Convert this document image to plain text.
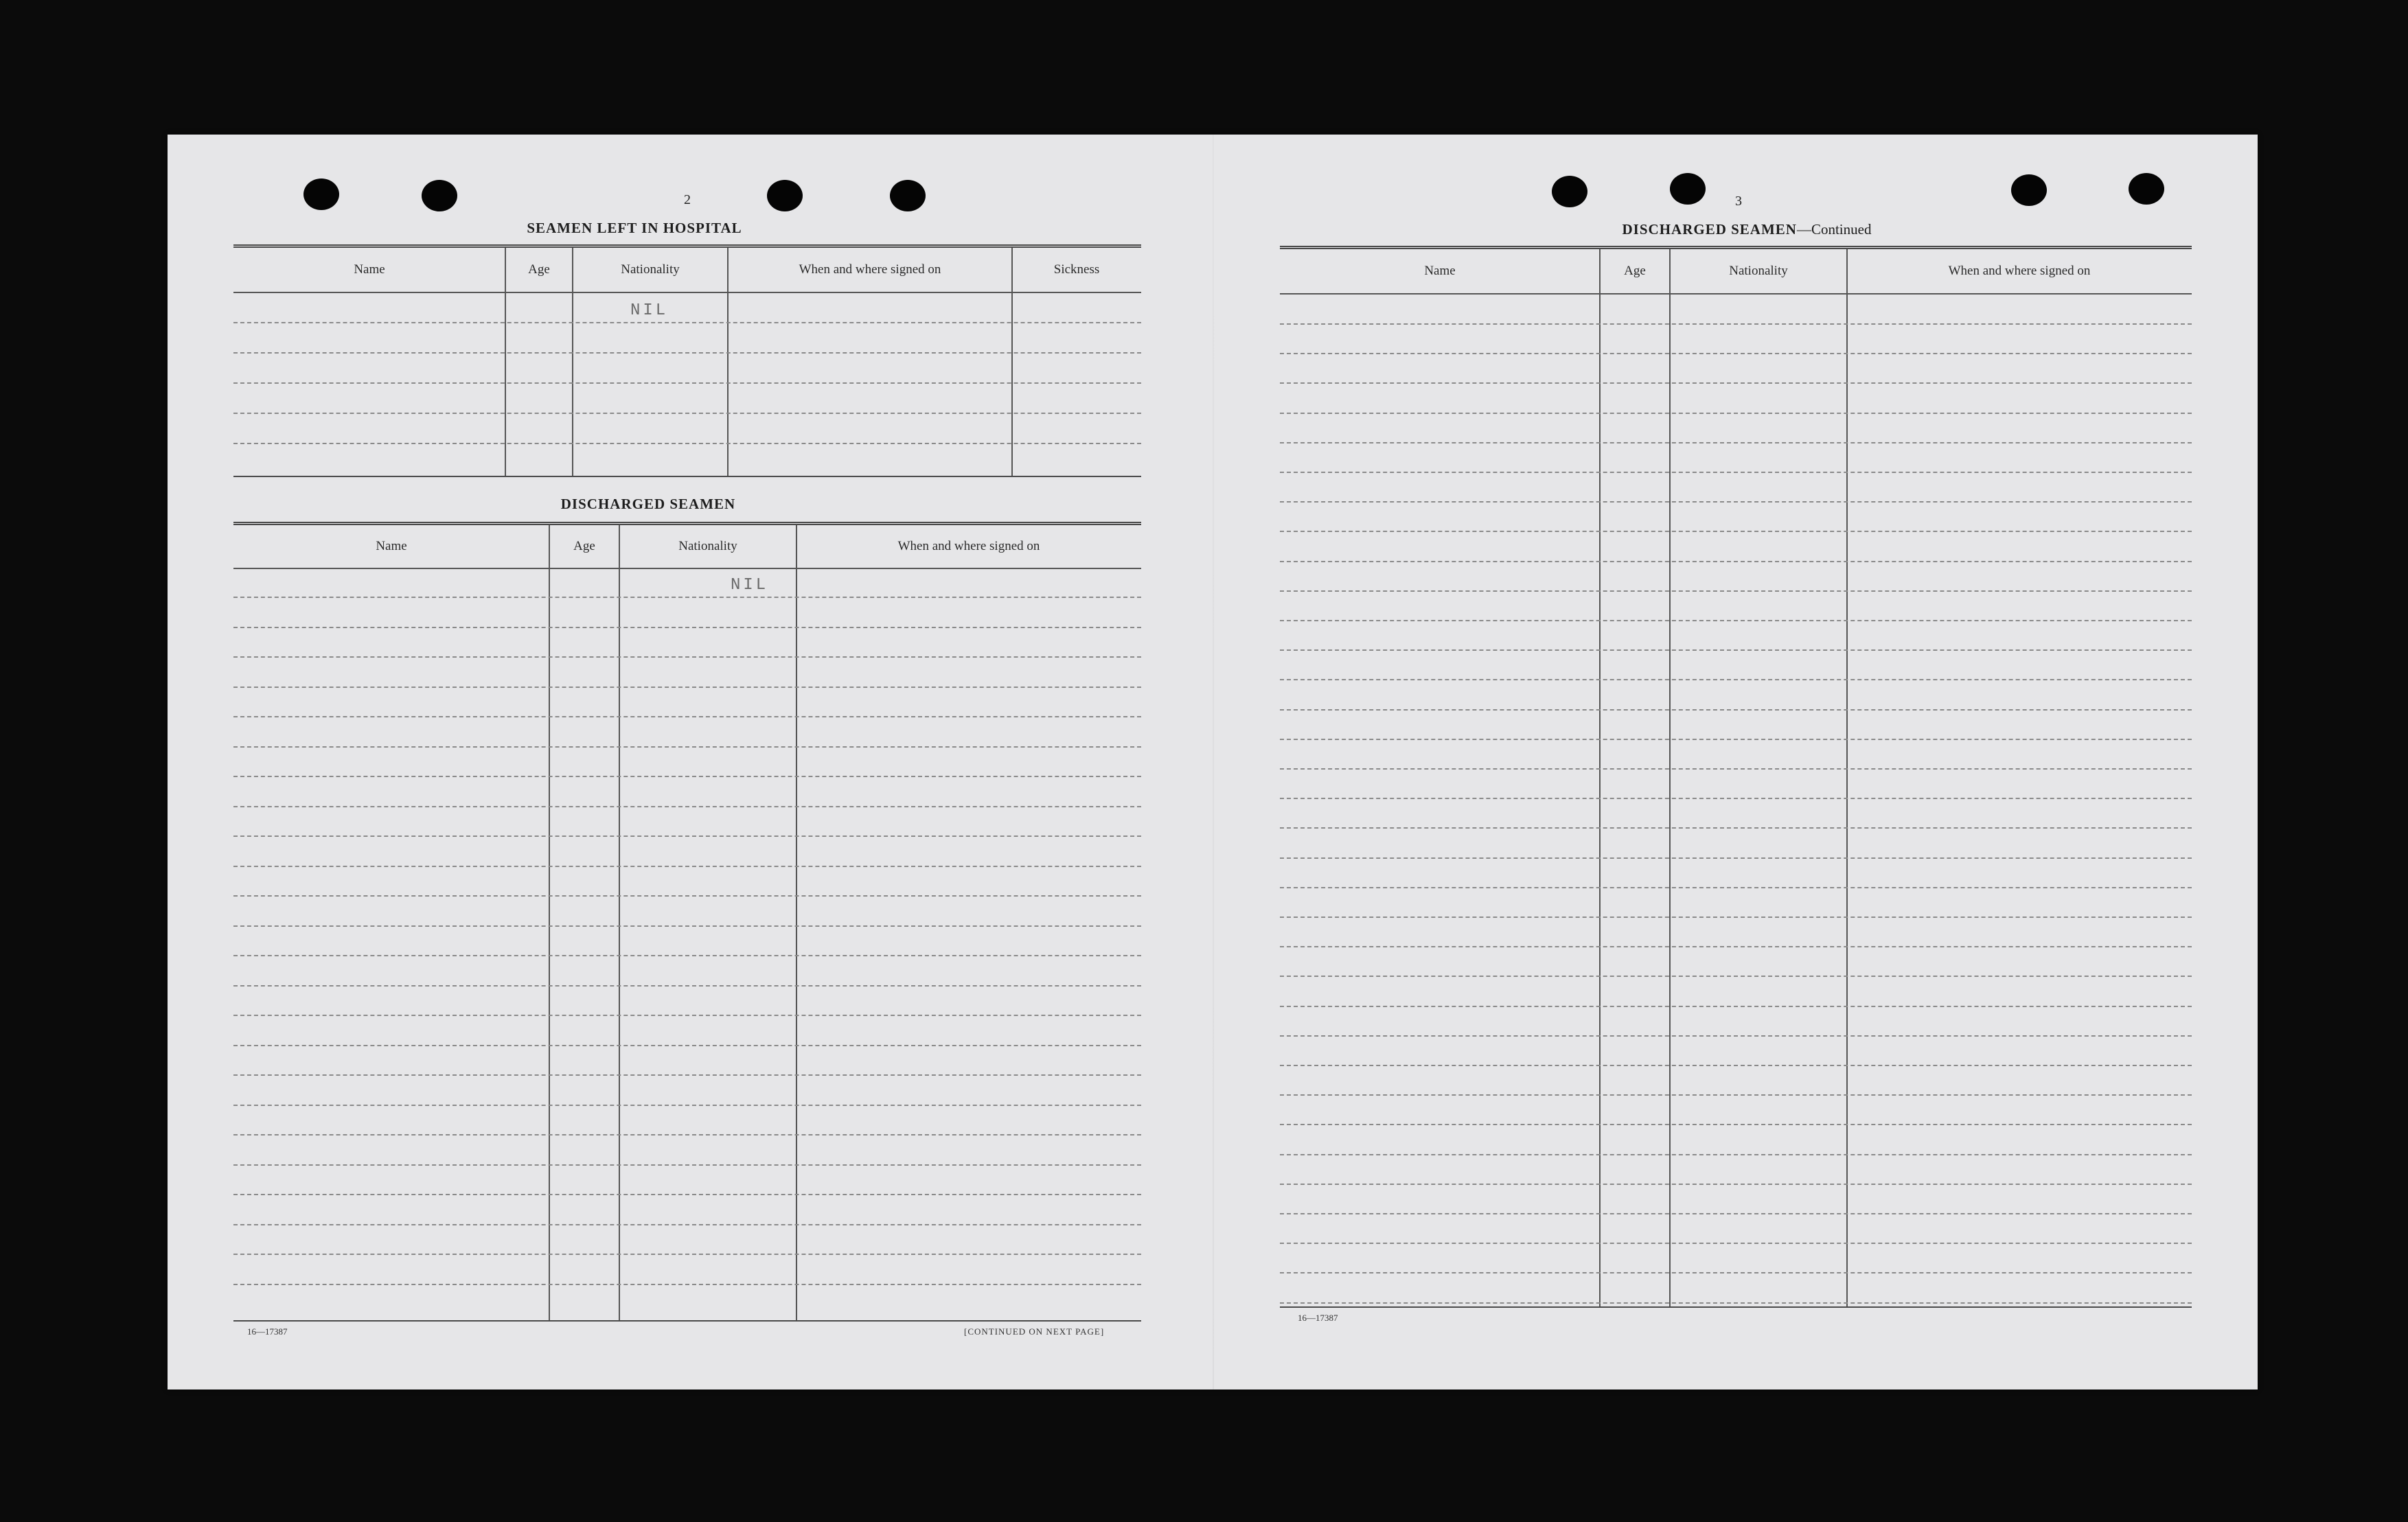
2
SEAMEN LEFT IN HOSPITAL
Name	Age	Nationality	When and where signed on	Sickness
NIL
DISCHARGED SEAMEN
Name	Age	Nationality	When and where signed on
NIL
16—17387	[CONTINUED ON NEXT PAGE]
3
DISCHARGED SEAMEN—Continued
Name	Age	Nationality	When and where signed on
16—17387
